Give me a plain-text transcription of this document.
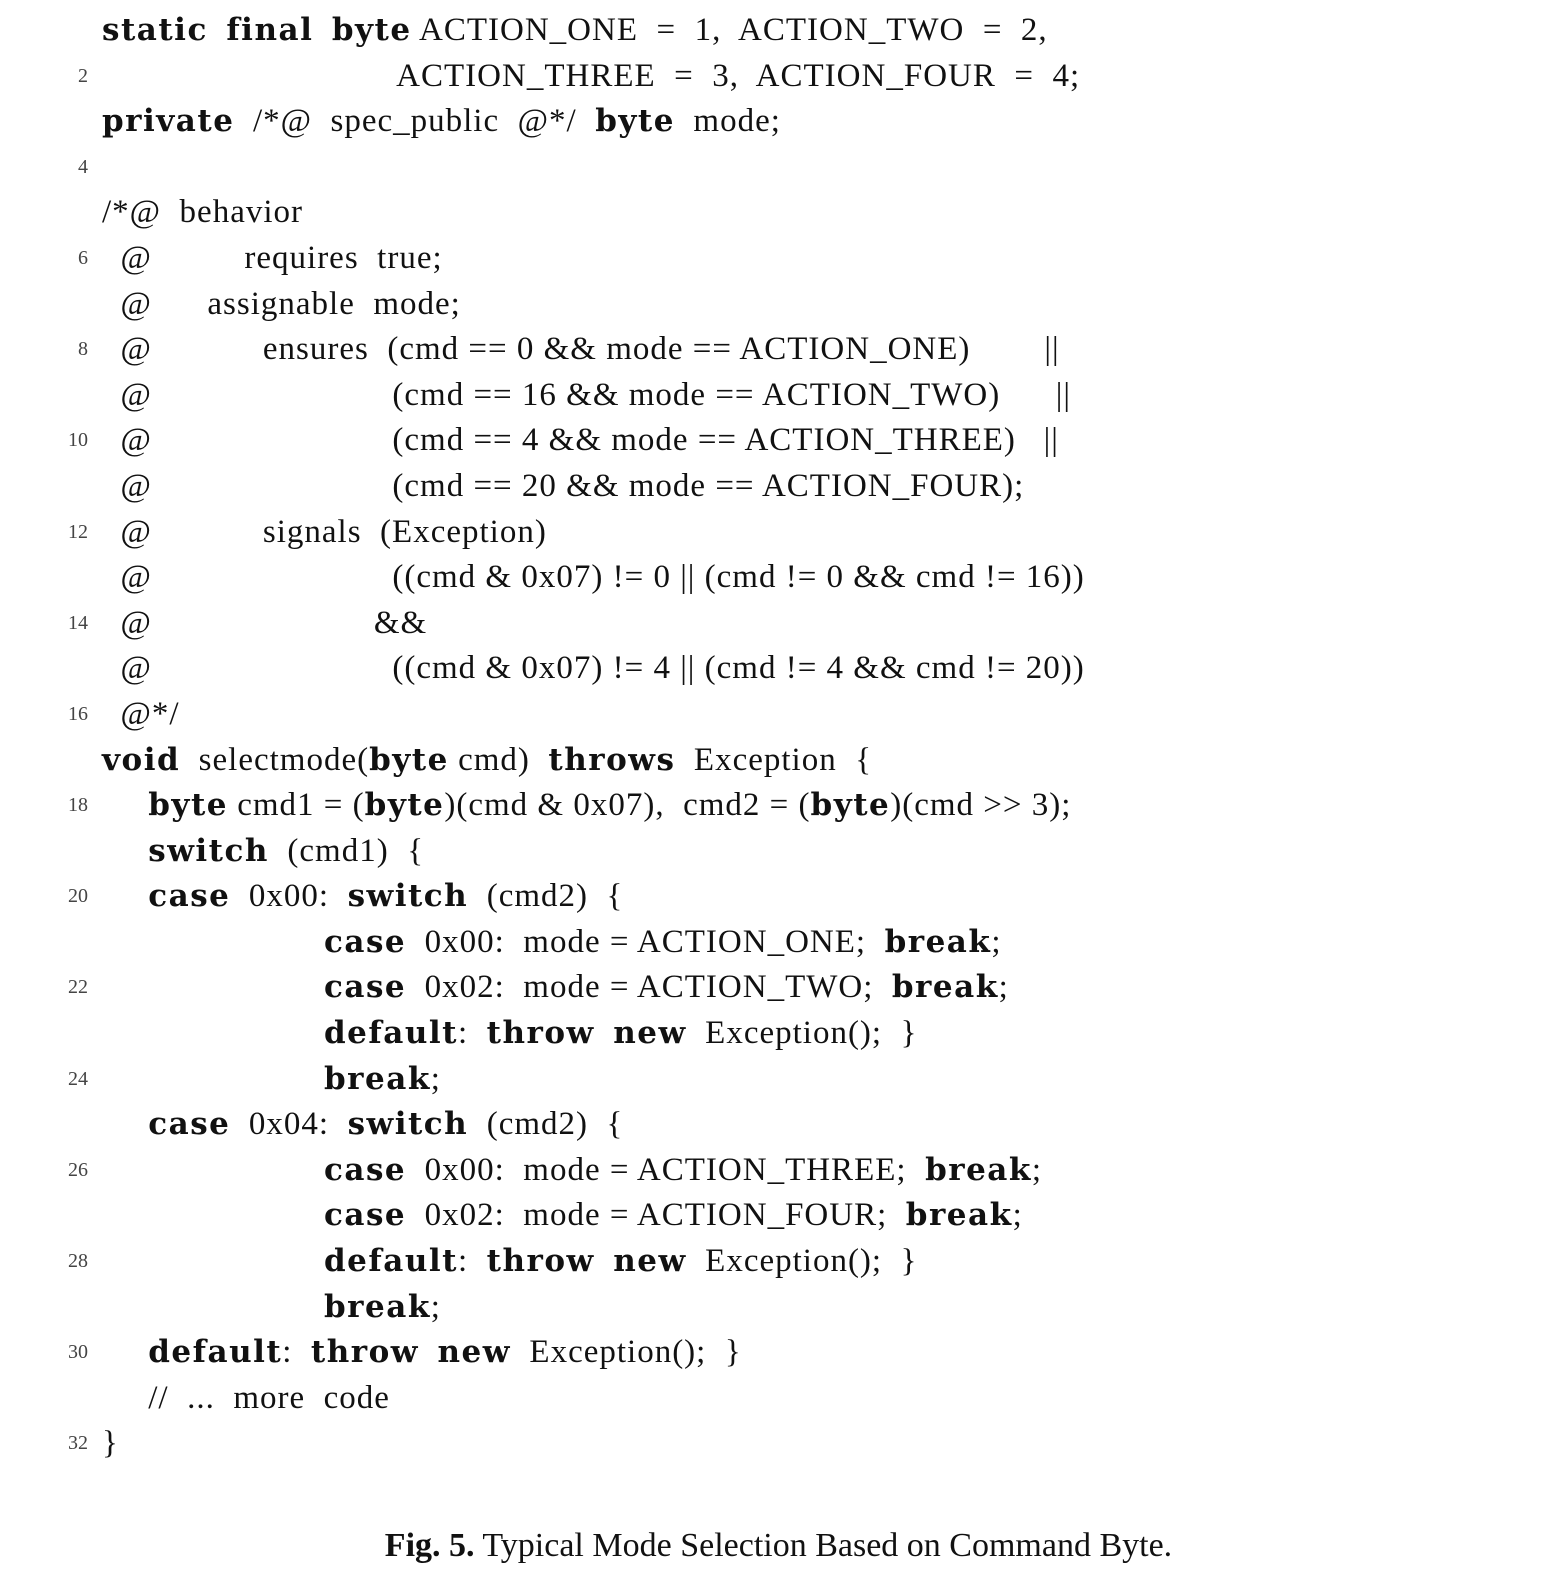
static final byte ACTION_ONE  =  1,  ACTION_TWO  =  2,
2 ACTION_THREE  =  3,  ACTION_FOUR  =  4;
private  /*@  spec_public  @*/  byte  mode;
4
/*@  behavior
6 @          requires  true;
@      assignable  mode;
8 @            ensures  (cmd == 0 && mode == ACTION_ONE)        ||
@                          (cmd == 16 && mode == ACTION_TWO)      ||
10 @                          (cmd == 4 && mode == ACTION_THREE)   ||
@                          (cmd == 20 && mode == ACTION_FOUR);
12 @            signals  (Exception)
@                          ((cmd & 0x07) != 0 || (cmd != 0 && cmd != 16))
14 @                        &&
@                          ((cmd & 0x07) != 4 || (cmd != 4 && cmd != 20))
16 @*/
void  selectmode(byte cmd)  throws  Exception  {
18	byte cmd1 = (byte)(cmd & 0x07),  cmd2 = (byte)(cmd >> 3);
switch  (cmd1)  {
20	case  0x00:  switch  (cmd2)  {
case  0x00:  mode = ACTION_ONE;  break;
22	case  0x02:  mode = ACTION_TWO;  break;
default:  throw new  Exception();  }
24	break;
case  0x04:  switch  (cmd2)  {
26	case  0x00:  mode = ACTION_THREE;  break;
case  0x02:  mode = ACTION_FOUR;  break;
28	default:  throw new  Exception();  }
break;
30	default:  throw new  Exception();  }
//  ...  more  code
32 }
Fig. 5. Typical Mode Selection Based on Command Byte.
